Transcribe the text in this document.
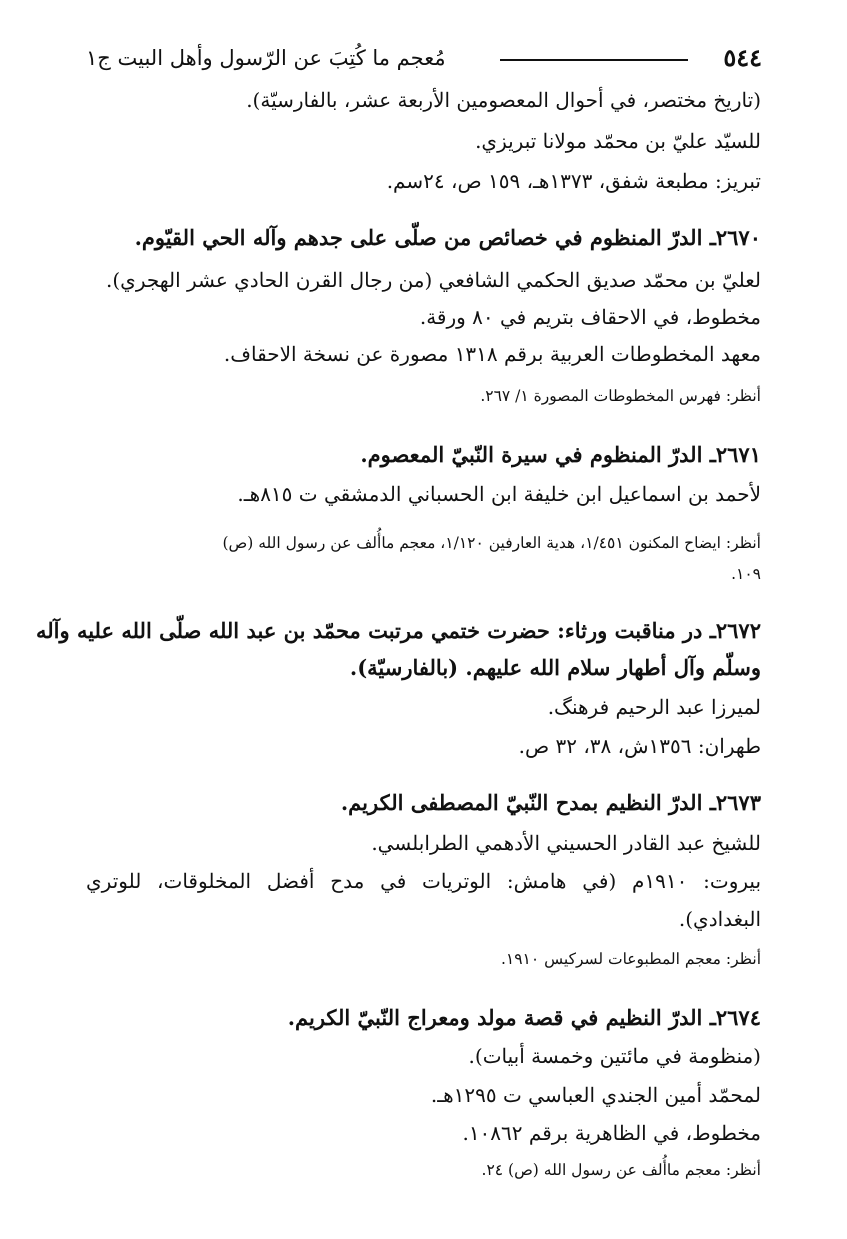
٥٤٤
مُعجم ما كُتِبَ عن الرّسول وأهل البيت ج١
(تاريخ مختصر، في أحوال المعصومين الأربعة عشر، بالفارسيّة).
للسيّد عليّ بن محمّد مولانا تبريزي.
تبريز: مطبعة شفق، ١٣٧٣هـ، ١٥٩ ص، ٢٤سم.
٢٦٧٠ـ الدرّ المنظوم في خصائص من صلّى على جدهم وآله الحي القيّوم.
لعليّ بن محمّد صديق الحكمي الشافعي (من رجال القرن الحادي عشر الهجري).
مخطوط، في الاحقاف بتريم في ٨٠ ورقة.
معهد المخطوطات العربية برقم ١٣١٨ مصورة عن نسخة الاحقاف.
أنظر: فهرس المخطوطات المصورة ١/ ٢٦٧.
٢٦٧١ـ الدرّ المنظوم في سيرة النّبيّ المعصوم.
لأحمد بن اسماعيل ابن خليفة ابن الحسباني الدمشقي ت ٨١٥هـ.
أنظر: ايضاح المكنون ١/٤٥١، هدية العارفين ١/١٢٠، معجم ماأُلف عن رسول الله (ص)
١٠٩.
٢٦٧٢ـ در مناقبت ورثاء: حضرت ختمي مرتبت محمّد بن عبد الله صلّى الله عليه وآله
وسلّم وآل أطهار سلام الله عليهم. (بالفارسيّة).
لميرزا عبد الرحيم فرهنگ.
طهران: ١٣٥٦ش، ٣٨، ٣٢ ص.
٢٦٧٣ـ الدرّ النظيم بمدح النّبيّ المصطفى الكريم.
للشيخ عبد القادر الحسيني الأدهمي الطرابلسي.
بيروت: ١٩١٠م (في هامش: الوتريات في مدح أفضل المخلوقات، للوتري
البغدادي).
أنظر: معجم المطبوعات لسركيس ١٩١٠.
٢٦٧٤ـ الدرّ النظيم في قصة مولد ومعراج النّبيّ الكريم.
(منظومة في مائتين وخمسة أبيات).
لمحمّد أمين الجندي العباسي ت ١٢٩٥هـ.
مخطوط، في الظاهرية برقم ١٠٨٦٢.
أنظر: معجم ماأُلف عن رسول الله (ص) ٢٤.
